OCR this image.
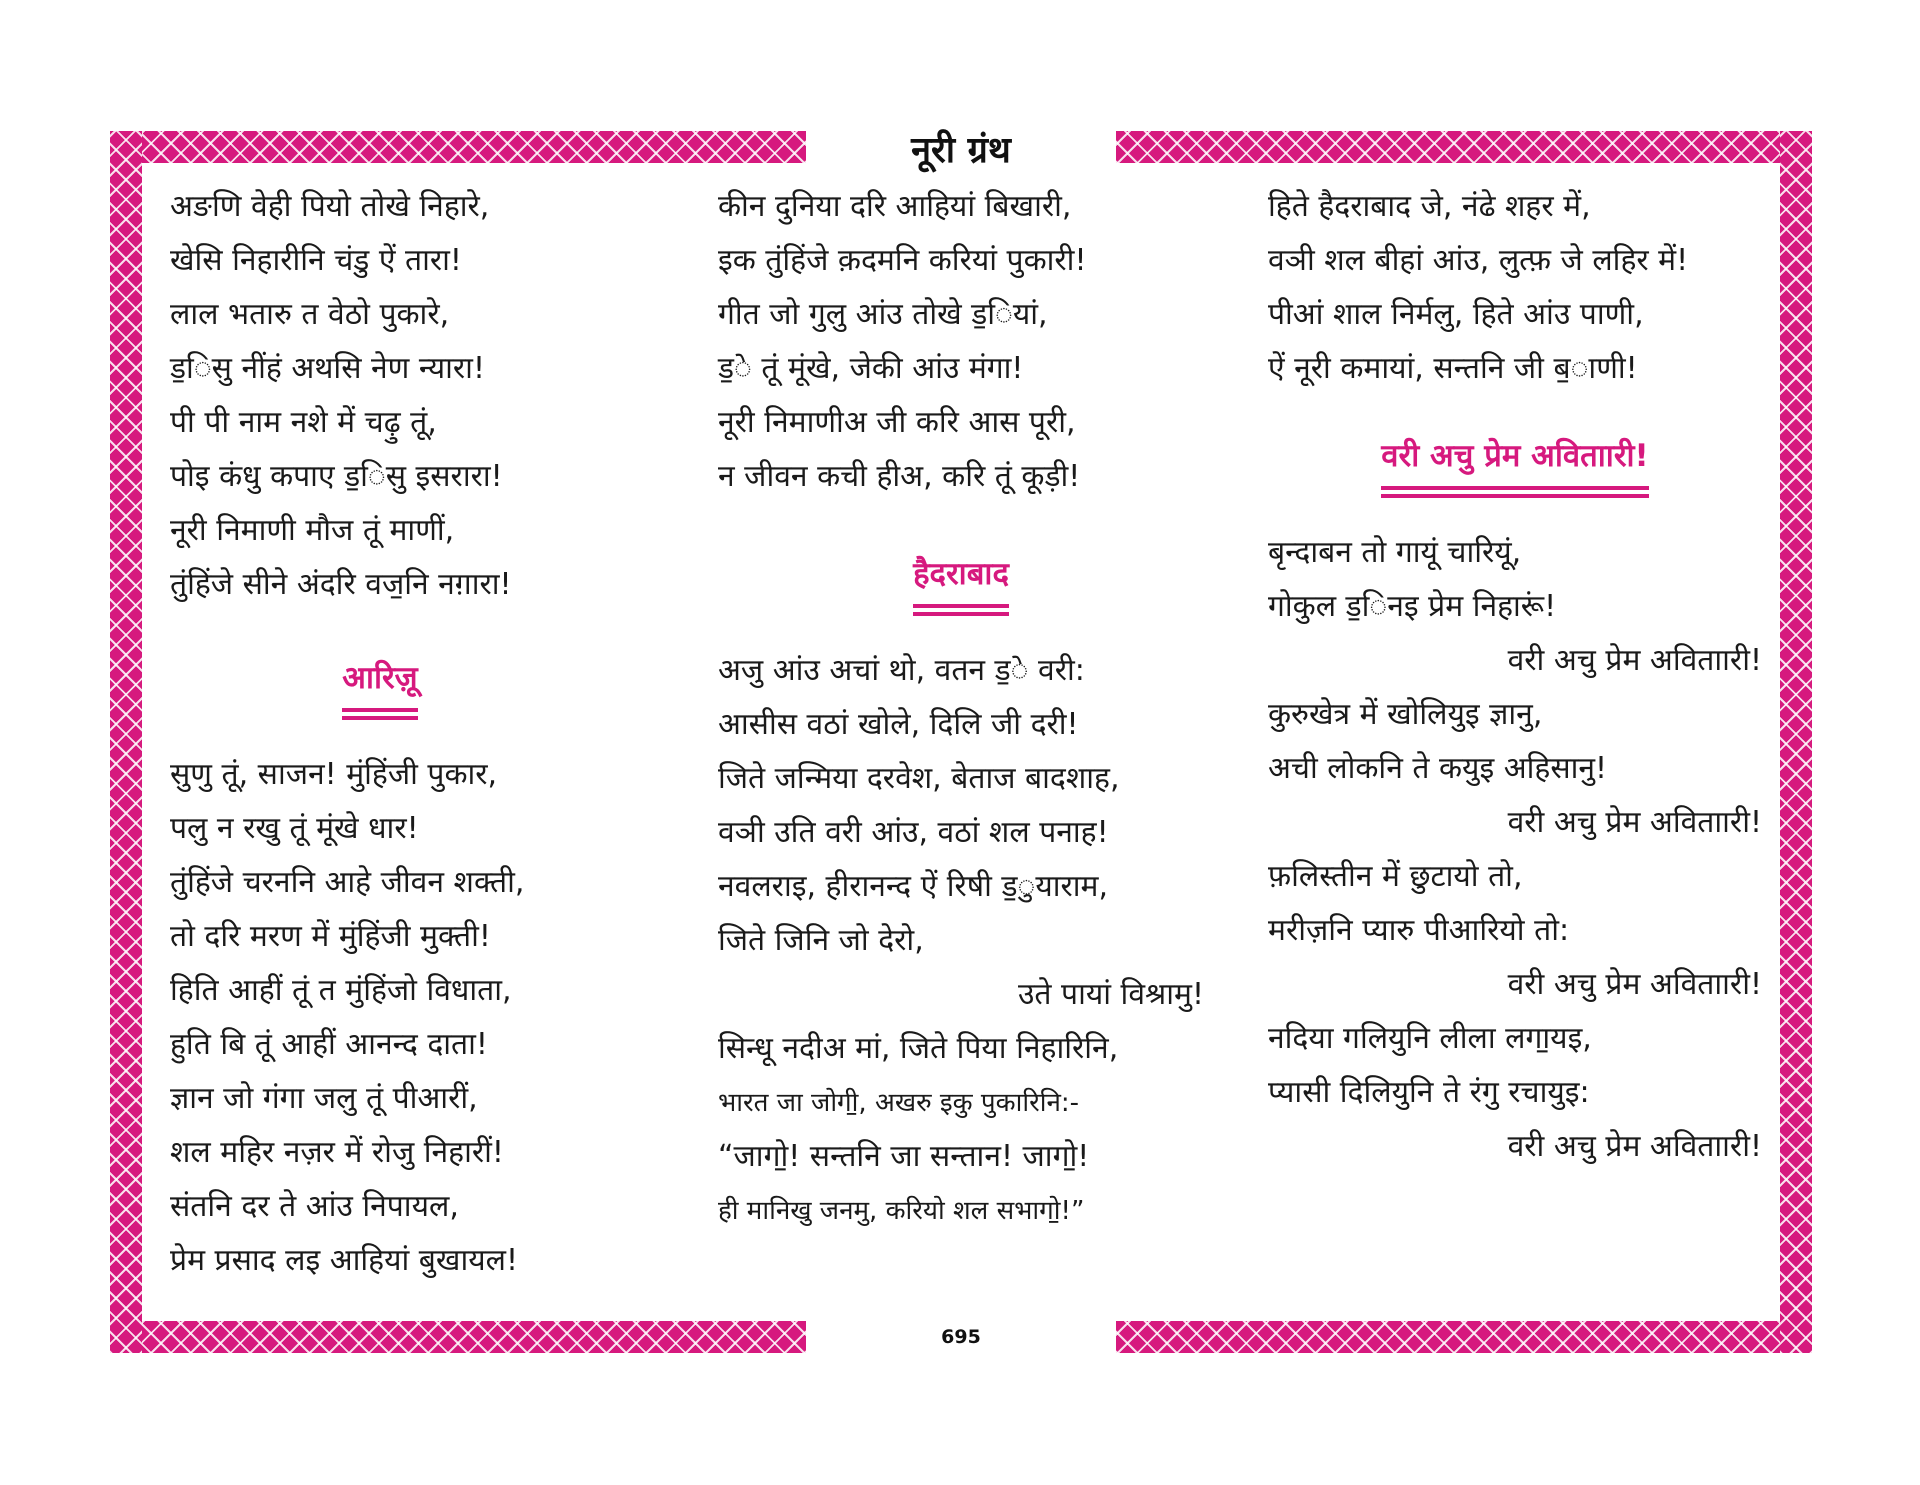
नूरी ग्रंथ
अङणि वेही पियो तोखे निहारे,
खेसि निहारीनि चंडु ऐं तारा!
लाल भतारु त वेठो पुकारे,
ड॒िसु नींहं अथसि नेण न्यारा!
पी पी नाम नशे में चढ़ु तूं,
पोइ कंधु कपाए ड॒िसु इसरारा!
नूरी निमाणी मौज तूं माणीं,
तुंहिंजे सीने अंदरि वज॒नि नग़ारा!
आरिज़ू
सुणु तूं, साजन! मुंहिंजी पुकार,
पलु न रखु तूं मूंखे धार!
तुंहिंजे चरननि आहे जीवन शक्ती,
तो दरि मरण में मुंहिंजी मुक्ती!
हिति आहीं तूं त मुंहिंजो विधाता,
हुति बि तूं आहीं आनन्द दाता!
ज्ञान जो गंगा जलु तूं पीआरीं,
शल महिर नज़र में रोजु निहारीं!
संतनि दर ते आंउ निपायल,
प्रेम प्रसाद लइ आहियां बुखायल!
कीन दुनिया दरि आहियां बिखारी,
इक तुंहिंजे क़दमनि करियां पुकारी!
गीत जो गुलु आंउ तोखे ड॒ियां,
ड॒े तूं मूंखे, जेकी आंउ मंगा!
नूरी निमाणीअ जी करि आस पूरी,
न जीवन कची हीअ, करि तूं कूड़ी!
हैदराबाद
अजु आंउ अचां थो, वतन ड॒े वरी:
आसीस वठां खोले, दिलि जी दरी!
जिते जन्मिया दरवेश, बेताज बादशाह,
वञी उति वरी आंउ, वठां शल पनाह!
नवलराइ, हीरानन्द ऐं रिषी ड॒ुयाराम,
जिते जिनि जो देरो,
उते पायां विश्रामु!
सिन्धू नदीअ मां, जिते पिया निहारिनि,
भारत जा जोगी॒, अखरु इकु पुकारिनि:-
“जागो॒! सन्तनि जा सन्तान! जागो॒!
ही मानिखु जनमु, करियो शल सभागो॒!”
हिते हैदराबाद जे, नंढे शहर में,
वञी शल बीहां आंउ, लुत्फ़ जे लहिर में!
पीआं शाल निर्मलु, हिते आंउ पाणी,
ऐं नूरी कमायां, सन्तनि जी ब॒ाणी!
वरी अचु प्रेम अविताारी!
बृन्दाबन तो गायूं चारियूं,
गोकुल ड॒िनइ प्रेम निहारूं!
वरी अचु प्रेम अविताारी!
कुरुखेत्र में खोलियुइ ज्ञानु,
अची लोकनि ते कयुइ अहिसानु!
वरी अचु प्रेम अविताारी!
फ़लिस्तीन में छुटायो तो,
मरीज़नि प्यारु पीआरियो तो:
वरी अचु प्रेम अविताारी!
नदिया गलियुनि लीला लगा॒यइ,
प्यासी दिलियुनि ते रंगु रचायुइ:
वरी अचु प्रेम अविताारी!
695
